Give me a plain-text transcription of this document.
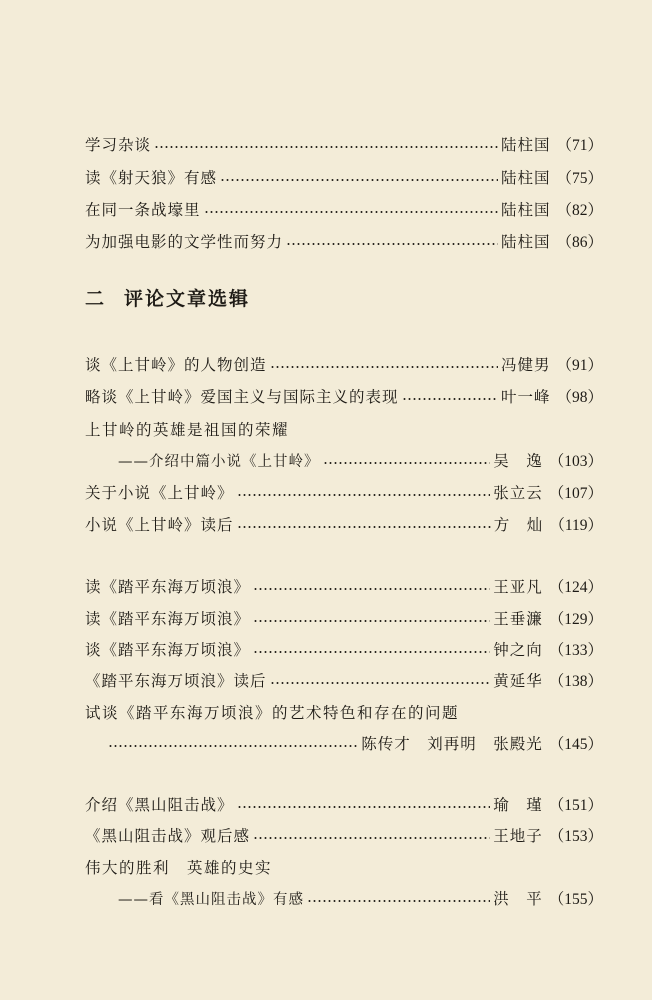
学习杂谈	陆柱国 （71）
读《射天狼》有感	陆柱国 （75）
在同一条战壕里	陆柱国 （82）
为加强电影的文学性而努力	陆柱国 （86）
二 评论文章选辑
谈《上甘岭》的人物创造	冯健男 （91）
略谈《上甘岭》爱国主义与国际主义的表现	叶一峰 （98）
上甘岭的英雄是祖国的荣耀
——介绍中篇小说《上甘岭》	吴　逸 （103）
关于小说《上甘岭》	张立云 （107）
小说《上甘岭》读后	方　灿 （119）
读《踏平东海万顷浪》	王亚凡 （124）
读《踏平东海万顷浪》	王垂濂 （129）
谈《踏平东海万顷浪》	钟之向 （133）
《踏平东海万顷浪》读后	黄延华 （138）
试谈《踏平东海万顷浪》的艺术特色和存在的问题
陈传才　刘再明　张殿光 （145）
介绍《黑山阻击战》	瑜　瑾 （151）
《黑山阻击战》观后感	王地子 （153）
伟大的胜利　英雄的史实
——看《黑山阻击战》有感	洪　平 （155）
